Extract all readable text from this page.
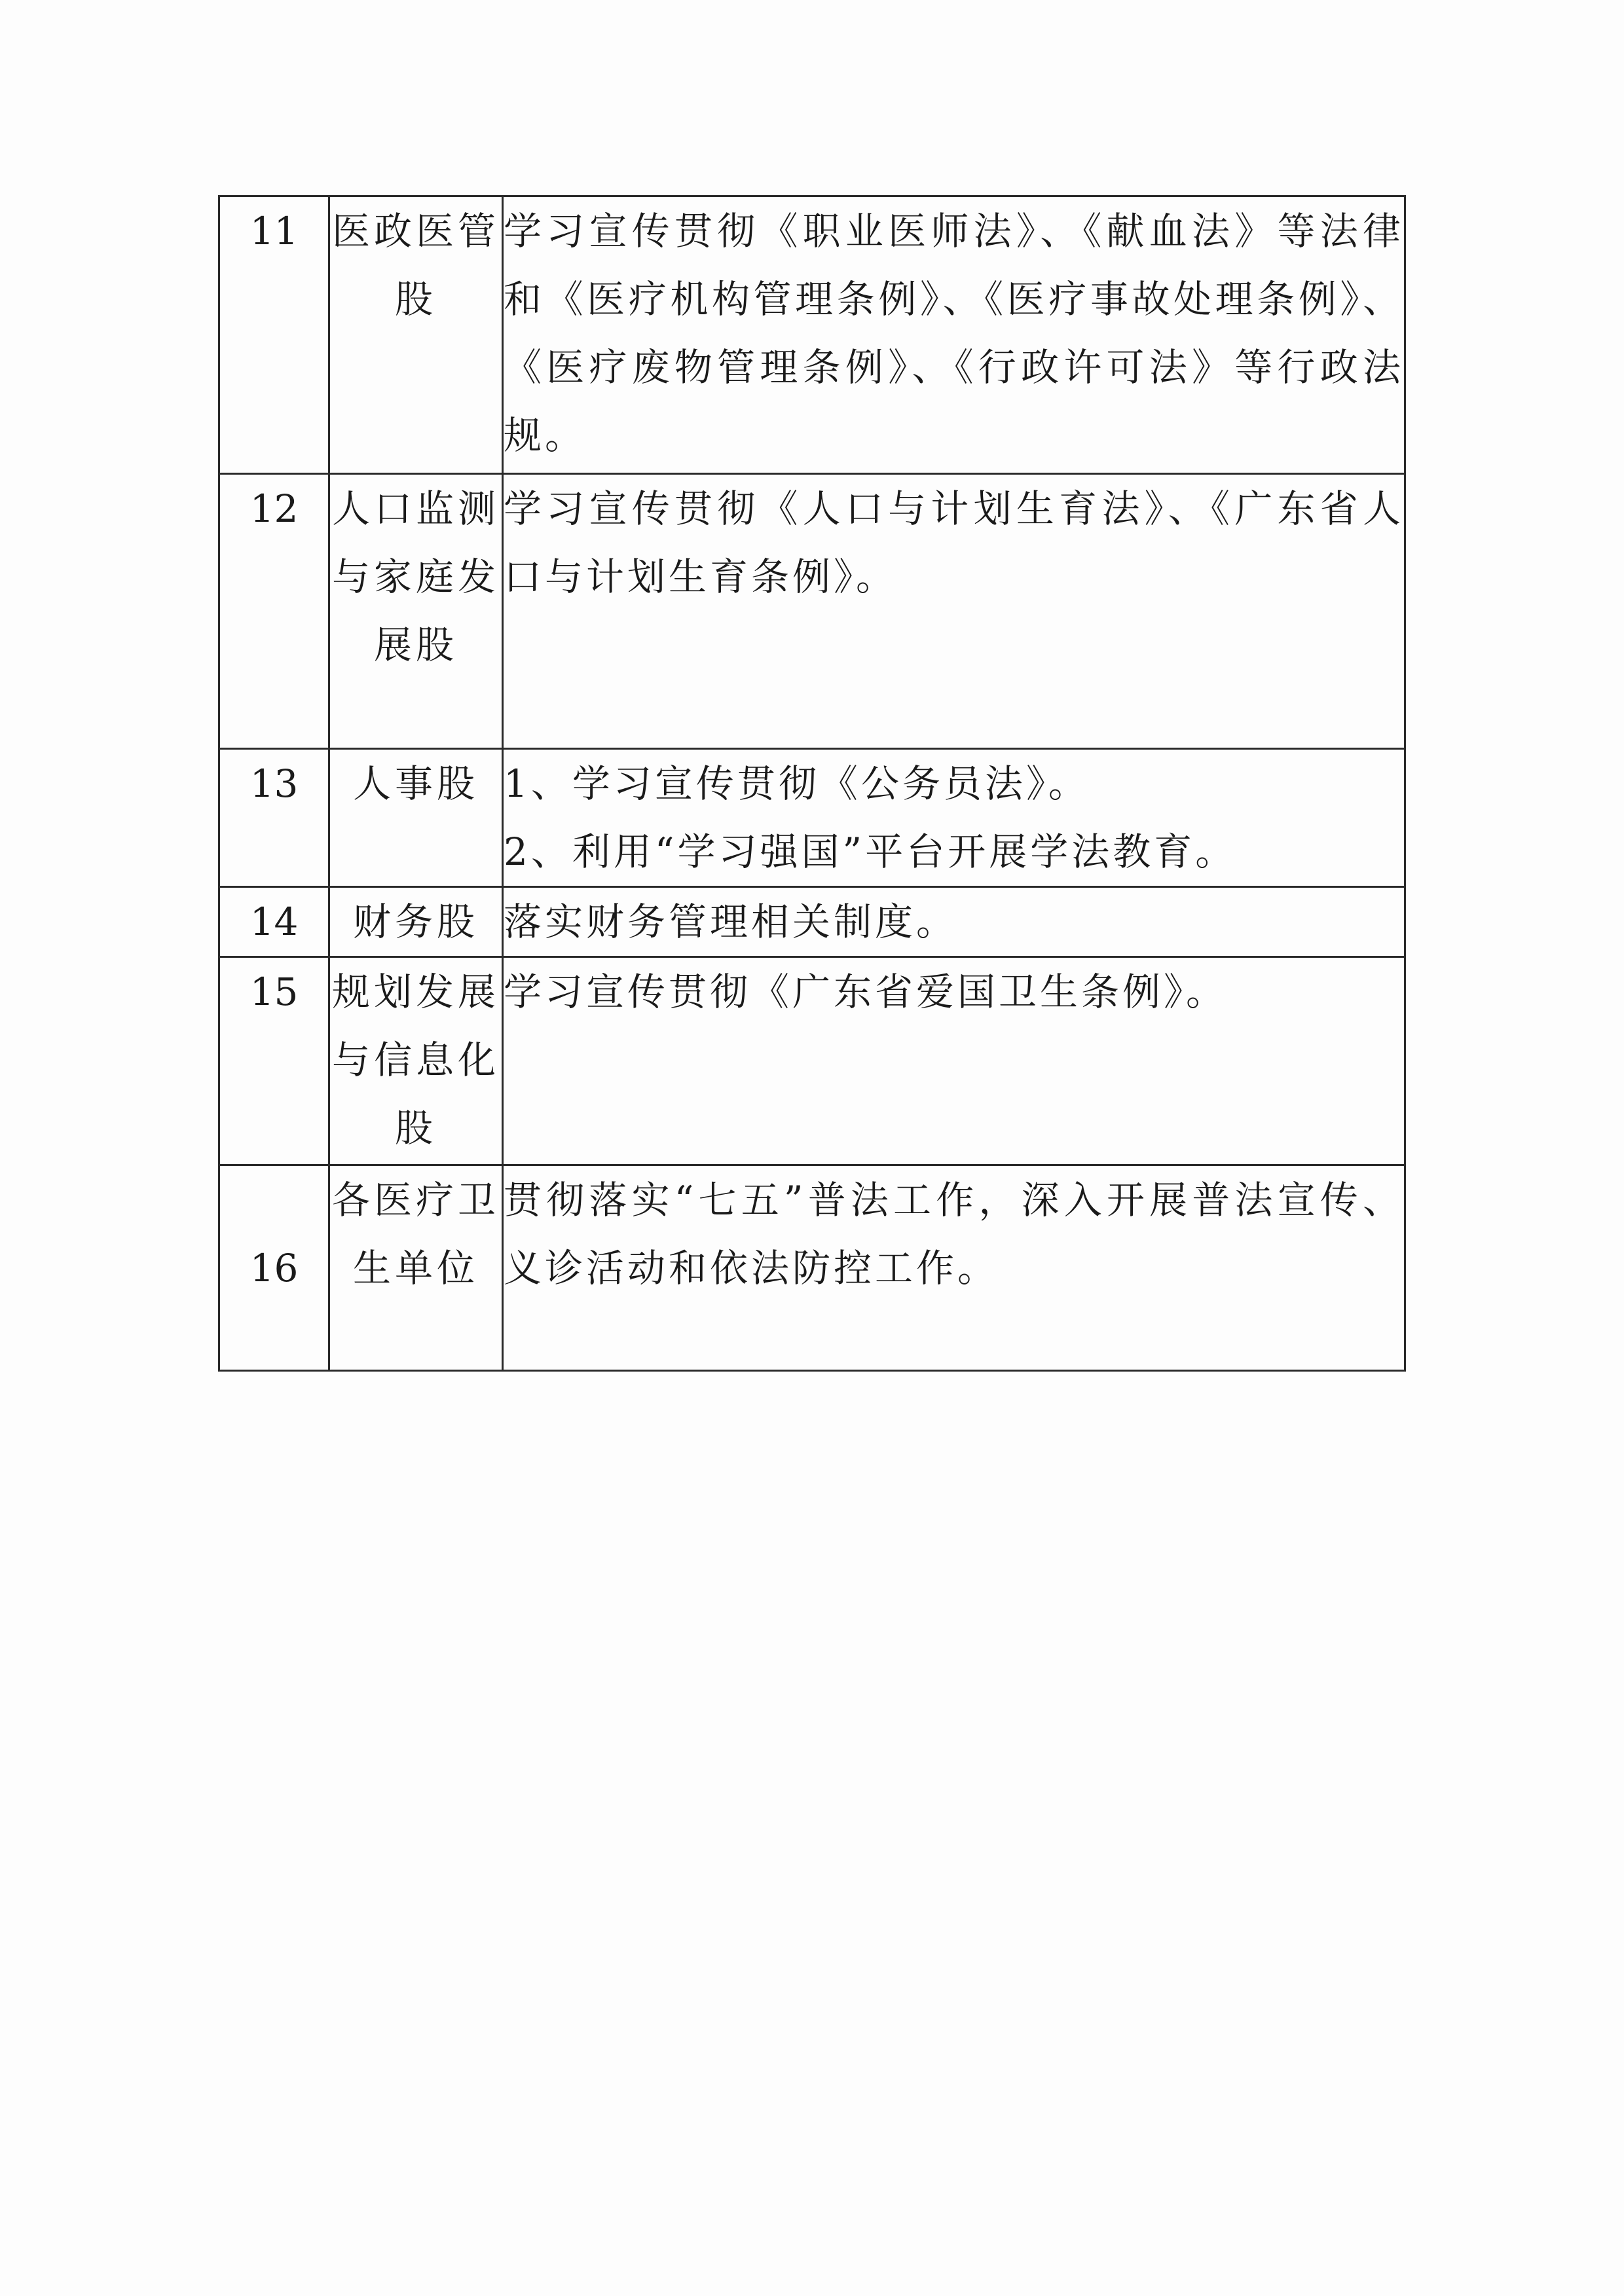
11	医政医管股	学习宣传贯彻《职业医师法》、《献血法》等法律和《医疗机构管理条例》、《医疗事故处理条例》、《医疗废物管理条例》、《行政许可法》等行政法规。

12	人口监测与家庭发展股	学习宣传贯彻《人口与计划生育法》、《广东省人口与计划生育条例》。

13	人事股	1、学习宣传贯彻《公务员法》。
2、利用“学习强国”平台开展学法教育。

14	财务股	落实财务管理相关制度。

15	规划发展与信息化股	学习宣传贯彻《广东省爱国卫生条例》。

16	各医疗卫生单位	贯彻落实“七五”普法工作，深入开展普法宣传、义诊活动和依法防控工作。
